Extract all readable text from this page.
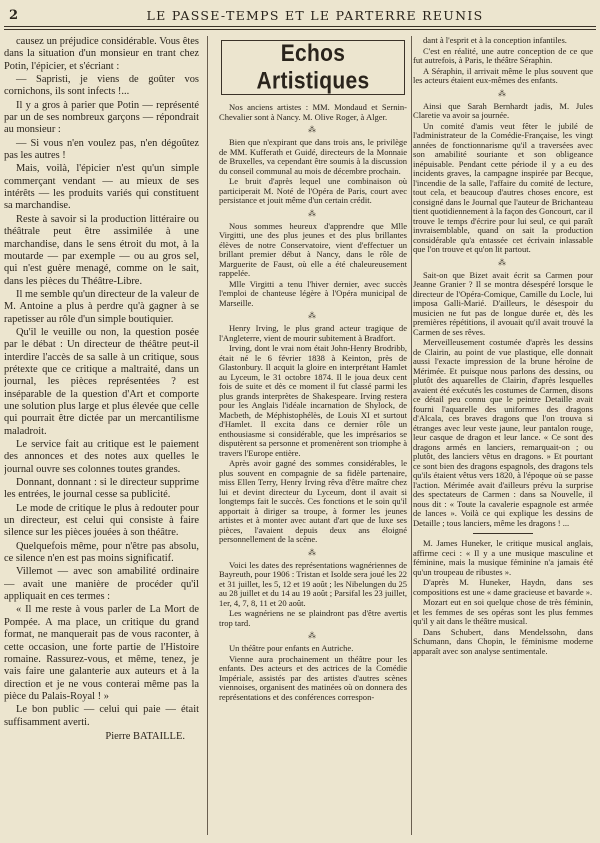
2	LE PASSE-TEMPS ET LE PARTERRE REUNIS

causez un préjudice considérable. Vous êtes dans la situation d'un monsieur en trant chez Potin, l'épicier, et s'écriant :

— Sapristi, je viens de goûter vos cornichons, ils sont infects !...

Il y a gros à parier que Potin — représenté par un de ses nombreux garçons — répondrait au monsieur :

— Si vous n'en voulez pas, n'en dégoûtez pas les autres !

Mais, voilà, l'épicier n'est qu'un simple commerçant vendant — au mieux de ses intérêts — les produits variés qui constituent sa marchandise.

Reste à savoir si la production littéraire ou théâtrale peut être assimilée à une marchandise, dans le sens étroit du mot, à la moutarde — par exemple — ou au gros sel, qui n'est guère menagé, comme on le sait, dans les pièces du Théâtre-Libre.

Il me semble qu'un directeur de la valeur de M. Antoine a plus à perdre qu'à gagner à se rapetisser au rôle d'un simple boutiquier.

Qu'il le veuille ou non, la question posée par le débat : Un directeur de théâtre peut-il interdire l'accès de sa salle à un critique, sous prétexte que ce critique a maltraité, dans un journal, les pièces représentées ? est inséparable de la question d'Art et comporte une solution plus large et plus élevée que celle qui pourrait être dictée par un mercantilisme maladroit.

Le service fait au critique est le paiement des annonces et des notes aux quelles le journal ouvre ses colonnes toutes grandes.

Donnant, donnant : si le directeur supprime les entrées, le journal cesse sa publicité.

Le mode de critique le plus à redouter pour un directeur, est celui qui consiste à faire silence sur les pièces jouées à son théâtre.

Quelquefois même, pour n'être pas absolu, ce silence n'en est pas moins significatif.

Villemot — avec son amabilité ordinaire — avait une manière de procéder qu'il appliquait en ces termes :

« Il me reste à vous parler de La Mort de Pompée. A ma place, un critique du grand format, ne manquerait pas de vous raconter, à cette occasion, une forte partie de l'Histoire romaine. Rassurez-vous, et même, tenez, je vais faire une galanterie aux auteurs et à la direction et je ne vous conterai même pas la pièce du Palais-Royal ! »

Le bon public — celui qui paie — était suffisamment averti.

Pierre BATAILLE.

Echos Artistiques

Nos anciens artistes : MM. Mondaud et Sernin-Chevalier sont à Nancy. M. Olive Roger, à Alger.

⁂

Bien que n'expirant que dans trois ans, le privilège de MM. Kufferath et Guidé, directeurs de la Monnaie de Bruxelles, va cependant être soumis à la discussion du conseil communal au mois de décembre prochain.

Le bruit d'après lequel une combinaison où participerait M. Noté de l'Opéra de Paris, court avec persistance et jouit même d'un certain crédit.

⁂

Nous sommes heureux d'apprendre que Mlle Virgitti, une des plus jeunes et des plus brillantes élèves de notre Conservatoire, vient d'effectuer un brillant premier début à Nancy, dans le rôle de Marguerite de Faust, où elle a été chaleureusement rappelée.

Mlle Virgitti a tenu l'hiver dernier, avec succès l'emploi de chanteuse légère à l'Opéra municipal de Marseille.

⁂

Henry Irving, le plus grand acteur tragique de l'Angleterre, vient de mourir subitement à Bradfort.

Irving, dont le vrai nom était John-Henry Brodribb, était né le 6 février 1838 à Keinton, près de Glastonbury. Il acquit la gloire en interprétant Hamlet au Lyceum, le 31 octobre 1874. Il le joua deux cent fois de suite et dès ce moment il fut classé parmi les plus grands interprètes de Shakespeare. Irving restera pour les Anglais l'idéale incarnation de Shylock, de Macbeth, de Méphistophélès, de Louis XI et surtout d'Hamlet. Il excita dans ce dernier rôle un enthousiasme si considérable, que les imprésarios se disputèrent sa personne et promenèrent son triomphe à travers l'Europe entière.

Après avoir gagné des sommes considérables, le plus souvent en compagnie de sa fidèle partenaire, miss Ellen Terry, Henry Irving rêva d'être maître chez lui et devint directeur du Lyceum, dont il avait si longtemps fait le succès. Ces fonctions et le soin qu'il apportait à diriger sa troupe, à former les jeunes artistes et à monter avec autant d'art que de luxe ses pièces, l'avaient depuis deux ans éloigné personnellement de la scène.

⁂

Voici les dates des représentations wagnériennes de Bayreuth, pour 1906 : Tristan et Isolde sera joué les 22 et 31 juillet, les 5, 12 et 19 août ; les Nibelungen du 25 au 28 juillet et du 14 au 19 août ; Parsifal les 23 juillet, 1er, 4, 7, 8, 11 et 20 août.

Les wagnériens ne se plaindront pas d'être avertis trop tard.

⁂

Un théâtre pour enfants en Autriche.

Vienne aura prochainement un théâtre pour les enfants. Des acteurs et des actrices de la Comédie Impériale, assistés par des artistes d'autres scènes viennoises, organisent des matinées où on donnera des représentations et des conférences correspon-

dant à l'esprit et à la conception infantiles.

C'est en réalité, une autre conception de ce que fut autrefois, à Paris, le théâtre Séraphin.

A Séraphin, il arrivait même le plus souvent que les acteurs étaient eux-mêmes des enfants.

⁂

Ainsi que Sarah Bernhardt jadis, M. Jules Claretie va avoir sa journée.

Un comité d'amis veut fêter le jubilé de l'administrateur de la Comédie-Française, les vingt années de fonctionnarisme qu'il a traversées avec son amabilité souriante et son obligeance inépuisable. Pendant cette période il y a eu des incidents graves, la campagne inspirée par Becque, l'incendie de la salle, l'affaire du comité de lecture, tout cela, et beaucoup d'autres choses encore, est consigné dans le Journal que l'auteur de Brichanteau tient quotidiennement à la façon des Goncourt, car il trouve le temps d'écrire pour lui seul, ce qui paraît invraisemblable, quand on sait la production considérable qu'a entassée cet écrivain inlassable que l'on trouve et qu'on lit partout.

⁂

Sait-on que Bizet avait écrit sa Carmen pour Jeanne Granier ? Il se montra désespéré lorsque le directeur de l'Opéra-Comique, Camille du Locle, lui imposa Galli-Marié. D'ailleurs, le désespoir du musicien ne fut pas de longue durée et, dès les premières répétitions, il avouait qu'il avait trouvé la Carmen de ses rêves.

Merveilleusement costumée d'après les dessins de Clairin, au point de vue plastique, elle donnait aussi l'exacte impression de la brune héroïne de Mérimée. Et puisque nous parlons des dessins, ou plutôt des aquarelles de Clairin, d'après lesquelles avaient été exécutés les costumes de Carmen, disons ce détail peu connu que le peintre Detaille avait fourni l'aquarelle des uniformes des dragons d'Alcala, ces braves dragons que l'on trouva si étranges avec leur veste jaune, leur pantalon rouge, leur casque de dragon et leur lance. « Ce sont des dragons armés en lanciers, remarquait-on ; ou plutôt, des lanciers vêtus en dragons. » Et pourtant ce sont bien des dragons espagnols, des dragons tels qu'ils étaient vêtus vers 1820, à l'époque où se passe l'action. Mérimée avait d'ailleurs prévu la surprise des spectateurs de Carmen : dans sa Nouvelle, il nous dit : « Toute la cavalerie espagnole est armée de lances ». Voilà ce qui explique les dessins de Detaille ; tous lanciers, même les dragons ! ...

M. James Huneker, le critique musical anglais, affirme ceci : « Il y a une musique masculine et féminine, mais la musique féminine n'a jamais été qu'un troupeau de ribustes ».

D'après M. Huneker, Haydn, dans ses compositions est une « dame gracieuse et bavarde ».

Mozart eut en soi quelque chose de très féminin, et les femmes de ses opéras sont les plus femmes qu'il y ait dans le théâtre musical.

Dans Schubert, dans Mendelssohn, dans Schumann, dans Chopin, le féminisme moderne apparaît avec son analyse sentimentale.
